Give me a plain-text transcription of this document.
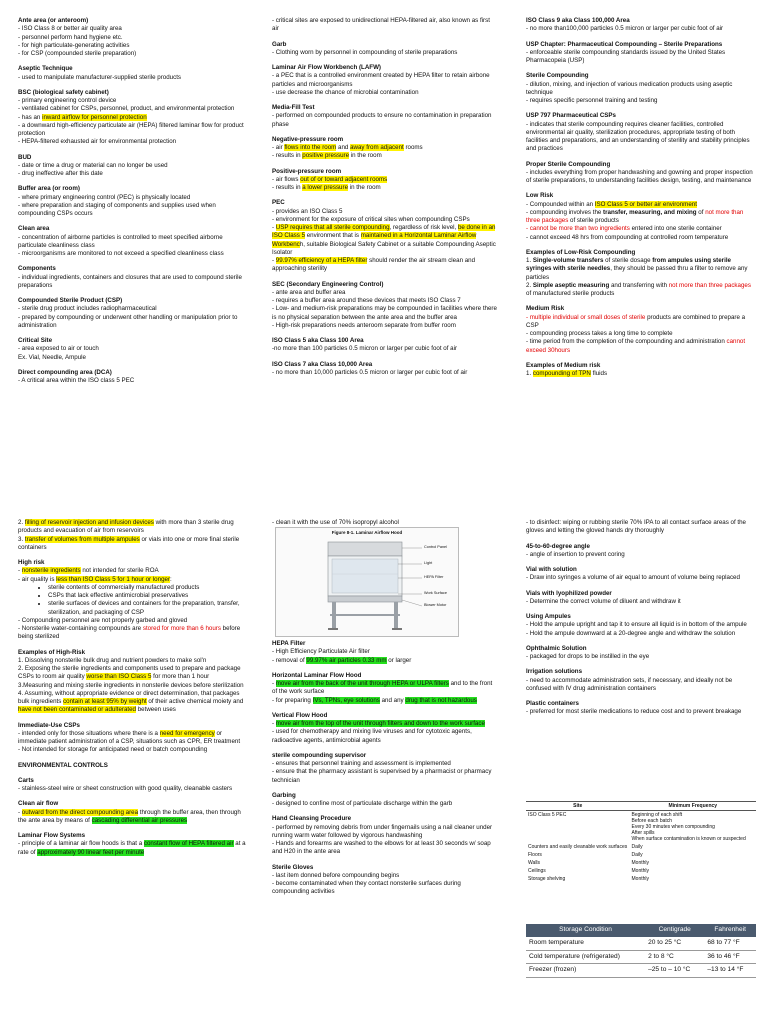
Ante area (or anteroom)
- ISO Class 8 or better air quality area
- personnel perform hand hygiene etc.
- for high particulate-generating activities
- for CSP (compounded sterile preparation)
Aseptic Technique
- used to manipulate manufacturer-supplied sterile products
BSC (biological safety cabinet)
- primary engineering control device
- ventilated cabinet for CSPs, personnel, product, and environmental protection
- has an inward airflow for personnel protection
- a downward high-efficiency particulate air (HEPA) filtered laminar flow for product protection
- HEPA-filtered exhausted air for environmental protection
BUD
- date or time a drug or material can no longer be used
- drug ineffective after this date
Buffer area (or room)
- where primary engineering control (PEC) is physically located
- where preparation and staging of components and supplies used when compounding CSPs occurs
Clean area
- concentration of airborne particles is controlled to meet specified airborne particulate cleanliness class
- microorganisms are monitored to not exceed a specified cleanliness class
Components
- individual ingredients, containers and closures that are used to compound sterile preparations
Compounded Sterile Product (CSP)
- sterile drug product includes radiopharmaceutical
- prepared by compounding or underwent other handling or manipulation prior to administration
Critical Site
- area exposed to air or touch
Ex. Vial, Needle, Ampule
Direct compounding area (DCA)
- A critical area within the ISO class 5 PEC
- critical sites are exposed to unidirectional HEPA-filtered air, also known as first air
Garb
- Clothing worn by personnel in compounding of sterile preparations
Laminar Air Flow Workbench (LAFW)
- a PEC that is a controlled environment created by HEPA filter to retain airbone particles and microorganisms
- use decrease the chance of microbial contamination
Media-Fill Test
- performed on compounded products to ensure no contamination in preparation phase
Negative-pressure room
- air flows into the room and away from adjacent rooms
- results in positive pressure in the room
Positive-pressure room
- air flows out of or toward adjacent rooms
- results in a lower pressure in the room
PEC
- provides an ISO Class 5
- environment for the exposure of critical sites when compounding CSPs
- USP requires that all sterile compounding, regardless of risk level, be done in an ISO Class 5 environment that is maintained in a Horizontal Laminar Airflow Workbench, suitable Biological Safety Cabinet or a suitable Compounding Aseptic Isolator
- 99.97% efficiency of a HEPA filter should render the air stream clean and approaching sterility
SEC (Secondary Engineering Control)
- ante area and buffer area
- requires a buffer area around these devices that meets ISO Class 7
- Low- and medium-risk preparations may be compounded in facilities where there is no physical separation between the ante area and the buffer area
- High-risk preparations needs anteroom separate from buffer room
ISO Class 5 aka Class 100 Area
-no more than 100 particles 0.5 micron or larger per cubic foot of air
ISO Class 7 aka Class 10,000 Area
- no more than 10,000 particles 0.5 micron or larger per cubic foot of air
ISO Class 9 aka Class 100,000 Area
- no more than100,000 particles 0.5 micron or larger per cubic foot of air
USP Chapter: Pharmaceutical Compounding – Sterile Preparations
- enforceable sterile compounding standards issued by the United States Pharmacopeia (USP)
Sterile Compounding
- dilution, mixing, and injection of various medication products using aseptic technique
- requires specific personnel training and testing
USP 797 Pharmaceutical CSPs
- indicates that sterile compounding requires cleaner facilities, controlled environmental air quality, sterilization procedures, appropriate testing of both facilities and preparations, and an understanding of sterility and stability principles and practices
Proper Sterile Compounding
- includes everything from proper handwashing and gowning and proper inspection of sterile preparations, to understanding facilities design, testing, and maintenance
Low Risk
- Compounded within an ISO Class 5 or better air environment
- compounding involves the transfer, measuring, and mixing of not more than three packages of sterile products
- cannot be more than two ingredients entered into one sterile container
- cannot exceed 48 hrs from compounding at controlled room temperature
Examples of Low-Risk Compounding
1. Single-volume transfers of sterile dosage from ampules using sterile syringes with sterile needles, they should be passed thru a filter to remove any particles
2. Simple aseptic measuring and transferring with not more than three packages of manufactured sterile products
Medium Risk
- multiple individual or small doses of sterile products are combined to prepare a CSP
- compounding process takes a long time to complete
- time period from the completion of the compounding and administration cannot exceed 30hours
Examples of Medium risk
1. compounding of TPN fluids
2. filling of reservoir injection and infusion devices with more than 3 sterile drug products and evacuation of air from reservoirs
3. transfer of volumes from multiple ampules or vials into one or more final sterile containers
High risk
- nonsterile ingredients not intended for sterile ROA
- air quality is less than ISO Class 5 for 1 hour or longer:
• sterile contents of commercially manufactured products
• CSPs that lack effective antimicrobial preservatives
• sterile surfaces of devices and containers for the preparation, transfer, sterilization, and packaging of CSP
- Compounding personnel are not properly garbed and gloved
- Nonsterile water-containing compounds are stored for more than 6 hours before being sterilized
Examples of High-Risk
1. Dissolving nonsterile bulk drug and nutrient powders to make sol'n
2. Exposing the sterile ingredients and components used to prepare and package CSPs to room air quality worse than ISO Class 5 for more than 1 hour
3.Measuring and mixing sterile ingredients in nonsterile devices before sterilization
4. Assuming, without appropriate evidence or direct determination, that packages bulk ingredients contain at least 95% by weight of their active chemical moiety and have not been contaminated or adulterated between uses
Immediate-Use CSPs
- intended only for those situations where there is a need for emergency or immediate patient administration of a CSP, situations such as CPR, ER treatment
- Not intended for storage for anticipated need or batch compounding
ENVIRONMENTAL CONTROLS
Carts
- stainless-steel wire or sheet construction with good quality, cleanable casters
Clean air flow
- outward from the direct compounding area through the buffer area, then through the ante area by means of cascading differential air pressures
Laminar Flow Systems
- principle of a laminar air flow hoods is that a constant flow of HEPA filtered air at a rate of approximately 90 linear feet per minute
- clean it with the use of 70% isopropyl alcohol
Figure 8-1. Laminar Airflow Hood
Control Panel
Light
HEPA Filter
Work Surface
Blower Motor
HEPA Filter
- High Efficiency Particulate Air filter
- removal of 99.97% air particles 0.33 mm or larger
Horizontal Laminar Flow Hood
- move air from the back of the unit through HEPA or ULPA filters and to the front of the work surface
- for preparing IVs, TPNs, eye solutions and any drug that is not hazardous
Vertical Flow Hood
- move air from the top of the unit through filters and down to the work surface
- used for chemotherapy and mixing live viruses and for cytotoxic agents, radioactive agents, antimicrobial agents
sterile compounding supervisor
- ensures that personnel training and assessment is implemented
- ensure that the pharmacy assistant is supervised by a pharmacist or pharmacy technician
Garbing
- designed to confine most of particulate discharge within the garb
Hand Cleansing Procedure
- performed by removing debris from under fingernails using a nail cleaner under running warm water followed by vigorous handwashing
- Hands and forearms are washed to the elbows for at least 30 seconds w/ soap and H20 in the ante area
Sterile Gloves
- last item donned before compounding begins
- become contaminated when they contact nonsterile surfaces during compounding activities
- to disinfect: wiping or rubbing sterile 70% IPA to all contact surface areas of the gloves and letting the gloved hands dry thoroughly
45-to-60-degree angle
- angle of insertion to prevent coring
Vial with solution
- Draw into syringes a volume of air equal to amount of volume being replaced
Vials with lyophilized powder
- Determine the correct volume of diluent and withdraw it
Using Ampules
- Hold the ampule upright and tap it to ensure all liquid is in bottom of the ampule
- Hold the ampule downward at a 20-degree angle and withdraw the solution
Ophthalmic Solution
- packaged for drops to be instilled in the eye
Irrigation solutions
- need to accommodate administration sets, if necessary, and ideally not be confused with IV drug administration containers
Plastic containers
- preferred for most sterile medications to reduce cost and to prevent breakage
Site	Minimum Frequency
ISO Class 5 PEC	Beginning of each shift
Before each batch
Every 30 minutes when compounding
After spills
When surface contamination is known or suspected
Counters and easily cleanable work surfaces	Daily
Floors	Daily
Walls	Monthly
Ceilings	Monthly
Storage shelving	Monthly
Storage Condition	Centigrade	Fahrenheit
Room temperature	20 to 25 °C	68 to 77 °F
Cold temperature (refrigerated)	2 to 8 °C	36 to 46 °F
Freezer (frozen)	–25 to – 10 °C	–13 to 14 °F
